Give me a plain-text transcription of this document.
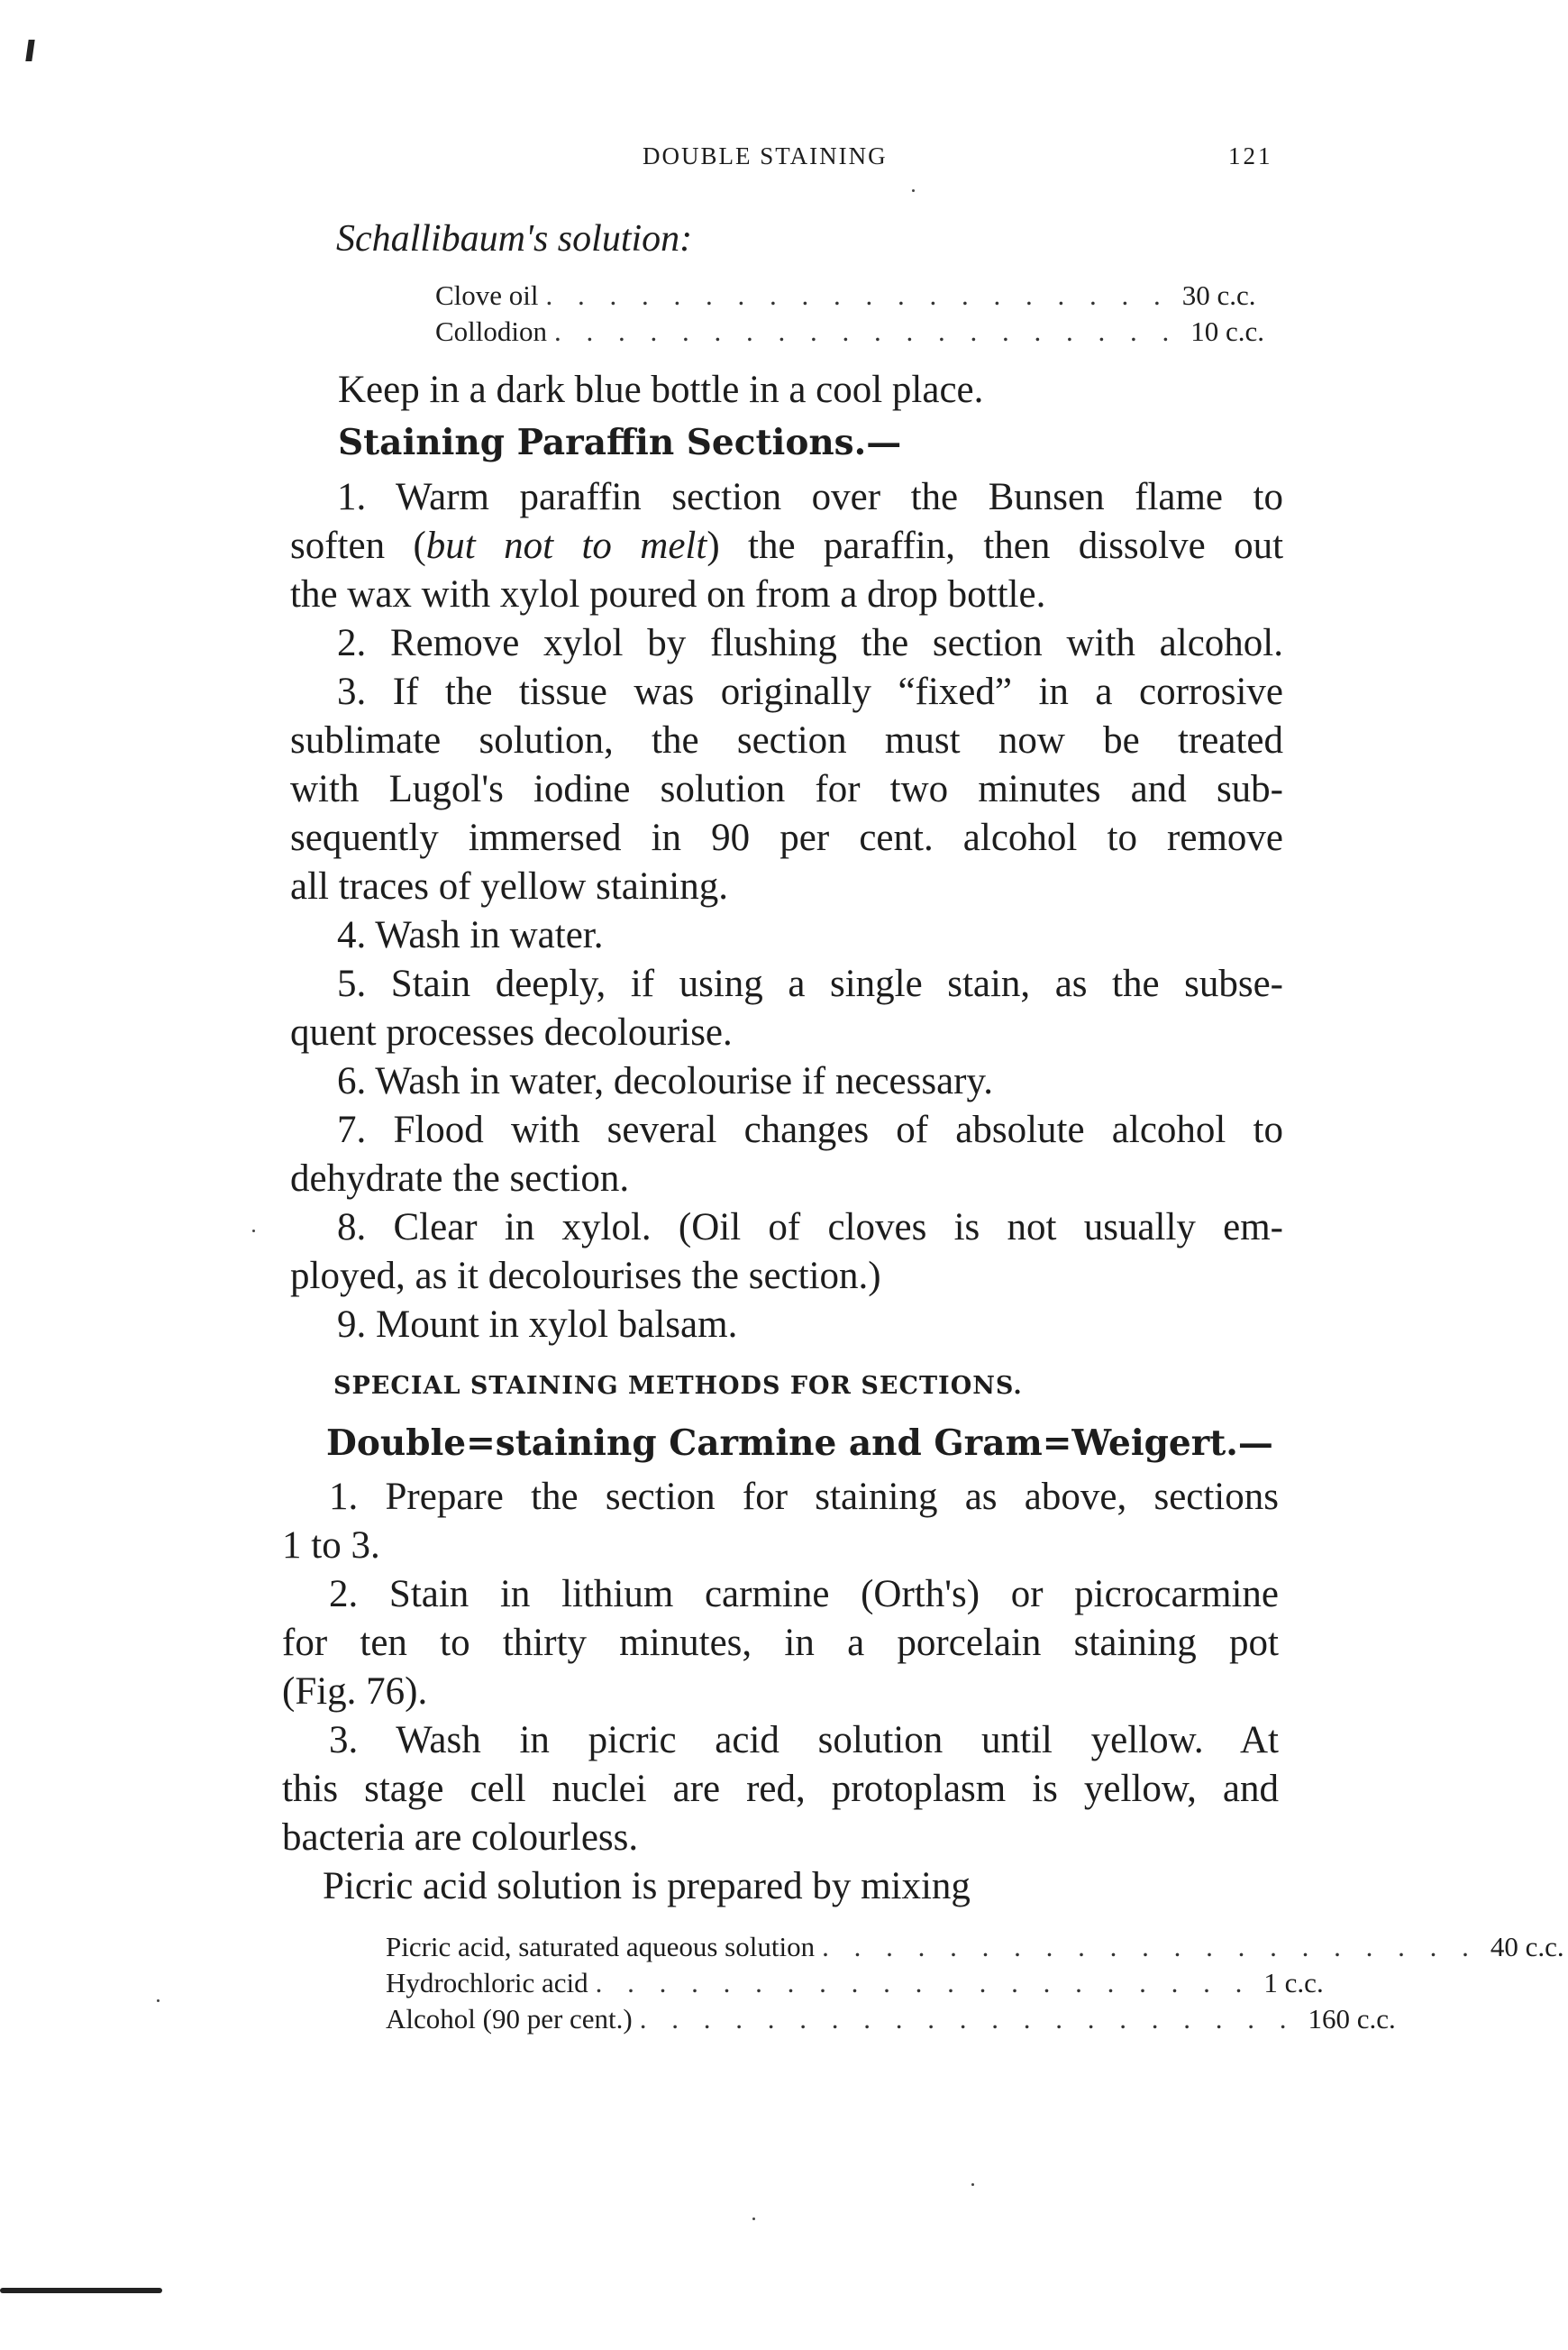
DOUBLE STAINING	121
Schallibaum's solution:
Clove oil . . . . . . . . . . . . . . . . . . . . 30 c.c.
Collodion . . . . . . . . . . . . . . . . . . . . 10 c.c.
Keep in a dark blue bottle in a cool place.
Staining Paraffin Sections.—
1. Warm paraffin section over the Bunsen flame to
soften (but not to melt) the paraffin, then dissolve out
the wax with xylol poured on from a drop bottle.
2. Remove xylol by flushing the section with alcohol.
3. If the tissue was originally “fixed” in a corrosive
sublimate solution, the section must now be treated
with Lugol's iodine solution for two minutes and sub-
sequently immersed in 90 per cent. alcohol to remove
all traces of yellow staining.
4. Wash in water.
5. Stain deeply, if using a single stain, as the subse-
quent processes decolourise.
6. Wash in water, decolourise if necessary.
7. Flood with several changes of absolute alcohol to
dehydrate the section.
8. Clear in xylol. (Oil of cloves is not usually em-
ployed, as it decolourises the section.)
9. Mount in xylol balsam.
SPECIAL STAINING METHODS FOR SECTIONS.
Double=staining Carmine and Gram=Weigert.—
1. Prepare the section for staining as above, sections
1 to 3.
2. Stain in lithium carmine (Orth's) or picrocarmine
for ten to thirty minutes, in a porcelain staining pot
(Fig. 76).
3. Wash in picric acid solution until yellow. At
this stage cell nuclei are red, protoplasm is yellow, and
bacteria are colourless.
Picric acid solution is prepared by mixing
Picric acid, saturated aqueous solution . . . . . . . . . . . . . . . . . . . . . 40 c.c.
Hydrochloric acid . . . . . . . . . . . . . . . . . . . . . 1 c.c.
Alcohol (90 per cent.) . . . . . . . . . . . . . . . . . . . . . 160 c.c.
